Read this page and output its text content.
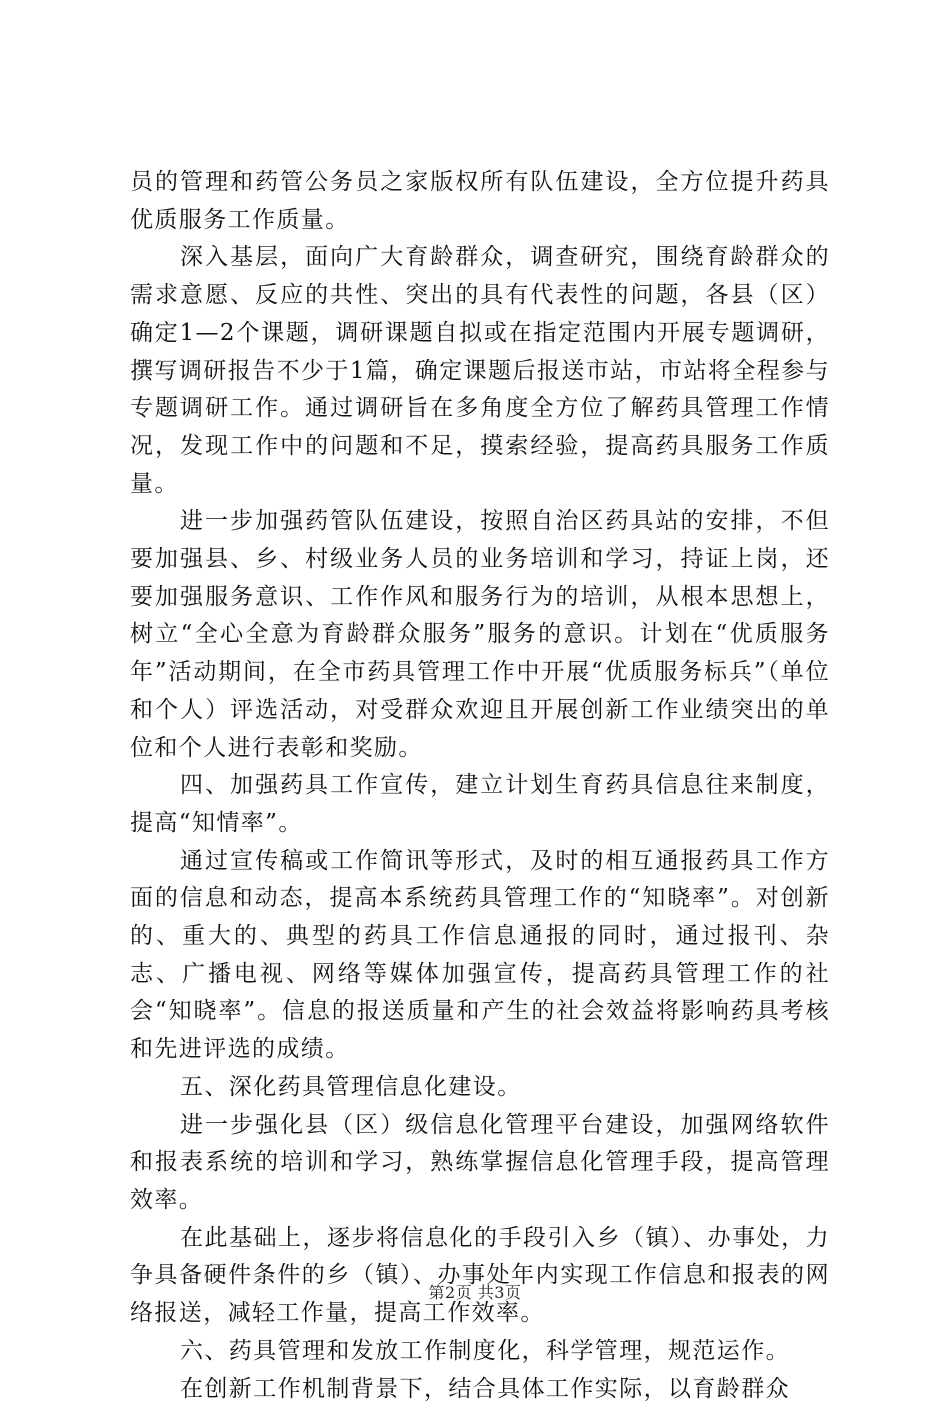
员的管理和药管公务员之家版权所有队伍建设，全方位提升药具优质服务工作质量。

深入基层，面向广大育龄群众，调查研究，围绕育龄群众的需求意愿、反应的共性、突出的具有代表性的问题，各县（区）确定1—2个课题，调研课题自拟或在指定范围内开展专题调研，撰写调研报告不少于1篇，确定课题后报送市站，市站将全程参与专题调研工作。通过调研旨在多角度全方位了解药具管理工作情况，发现工作中的问题和不足，摸索经验，提高药具服务工作质量。

进一步加强药管队伍建设，按照自治区药具站的安排，不但要加强县、乡、村级业务人员的业务培训和学习，持证上岗，还要加强服务意识、工作作风和服务行为的培训，从根本思想上，树立“全心全意为育龄群众服务”服务的意识。计划在“优质服务年”活动期间，在全市药具管理工作中开展“优质服务标兵”（单位和个人）评选活动，对受群众欢迎且开展创新工作业绩突出的单位和个人进行表彰和奖励。

四、加强药具工作宣传，建立计划生育药具信息往来制度，提高“知情率”。

通过宣传稿或工作简讯等形式，及时的相互通报药具工作方面的信息和动态，提高本系统药具管理工作的“知晓率”。对创新的、重大的、典型的药具工作信息通报的同时，通过报刊、杂志、广播电视、网络等媒体加强宣传，提高药具管理工作的社会“知晓率”。信息的报送质量和产生的社会效益将影响药具考核和先进评选的成绩。

五、深化药具管理信息化建设。

进一步强化县（区）级信息化管理平台建设，加强网络软件和报表系统的培训和学习，熟练掌握信息化管理手段，提高管理效率。

在此基础上，逐步将信息化的手段引入乡（镇）、办事处，力争具备硬件条件的乡（镇）、办事处年内实现工作信息和报表的网络报送，减轻工作量，提高工作效率。

六、药具管理和发放工作制度化，科学管理，规范运作。

在创新工作机制背景下，结合具体工作实际，以育龄群众

第2页 共3页
